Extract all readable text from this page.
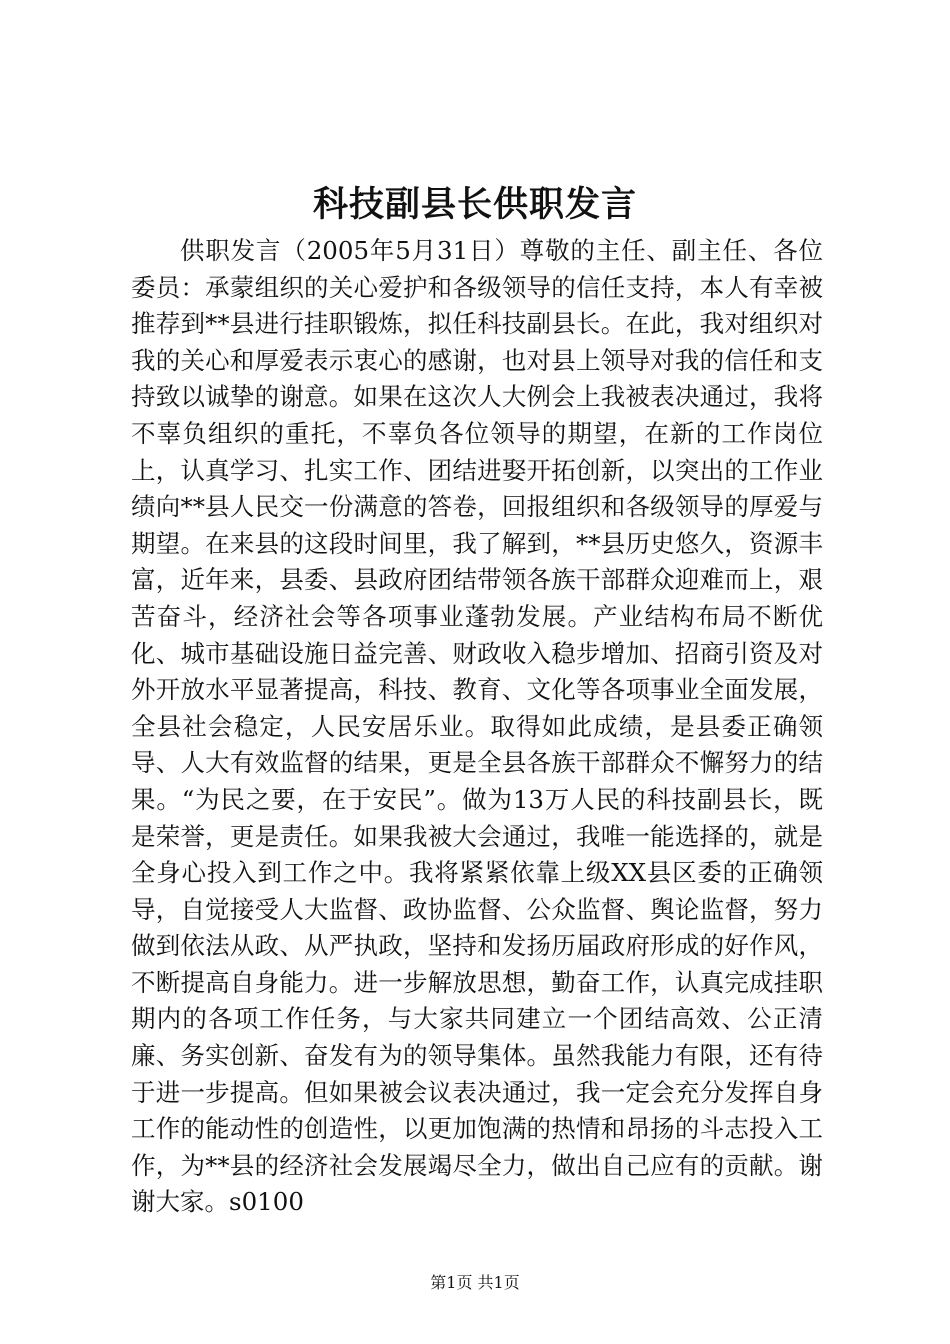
科技副县长供职发言

供职发言（2005年5月31日）尊敬的主任、副主任、各位委员：承蒙组织的关心爱护和各级领导的信任支持，本人有幸被推荐到**县进行挂职锻炼，拟任科技副县长。在此，我对组织对我的关心和厚爱表示衷心的感谢，也对县上领导对我的信任和支持致以诚挚的谢意。如果在这次人大例会上我被表决通过，我将不辜负组织的重托，不辜负各位领导的期望，在新的工作岗位上，认真学习、扎实工作、团结进娶开拓创新，以突出的工作业绩向**县人民交一份满意的答卷，回报组织和各级领导的厚爱与期望。在来县的这段时间里，我了解到，**县历史悠久，资源丰富，近年来，县委、县政府团结带领各族干部群众迎难而上，艰苦奋斗，经济社会等各项事业蓬勃发展。产业结构布局不断优化、城市基础设施日益完善、财政收入稳步增加、招商引资及对外开放水平显著提高，科技、教育、文化等各项事业全面发展，全县社会稳定，人民安居乐业。取得如此成绩，是县委正确领导、人大有效监督的结果，更是全县各族干部群众不懈努力的结果。“为民之要，在于安民”。做为13万人民的科技副县长，既是荣誉，更是责任。如果我被大会通过，我唯一能选择的，就是全身心投入到工作之中。我将紧紧依靠上级XX县区委的正确领导，自觉接受人大监督、政协监督、公众监督、舆论监督，努力做到依法从政、从严执政，坚持和发扬历届政府形成的好作风，不断提高自身能力。进一步解放思想，勤奋工作，认真完成挂职期内的各项工作任务，与大家共同建立一个团结高效、公正清廉、务实创新、奋发有为的领导集体。虽然我能力有限，还有待于进一步提高。但如果被会议表决通过，我一定会充分发挥自身工作的能动性的创造性，以更加饱满的热情和昂扬的斗志投入工作，为**县的经济社会发展竭尽全力，做出自己应有的贡献。谢谢大家。s0100

第1页 共1页
